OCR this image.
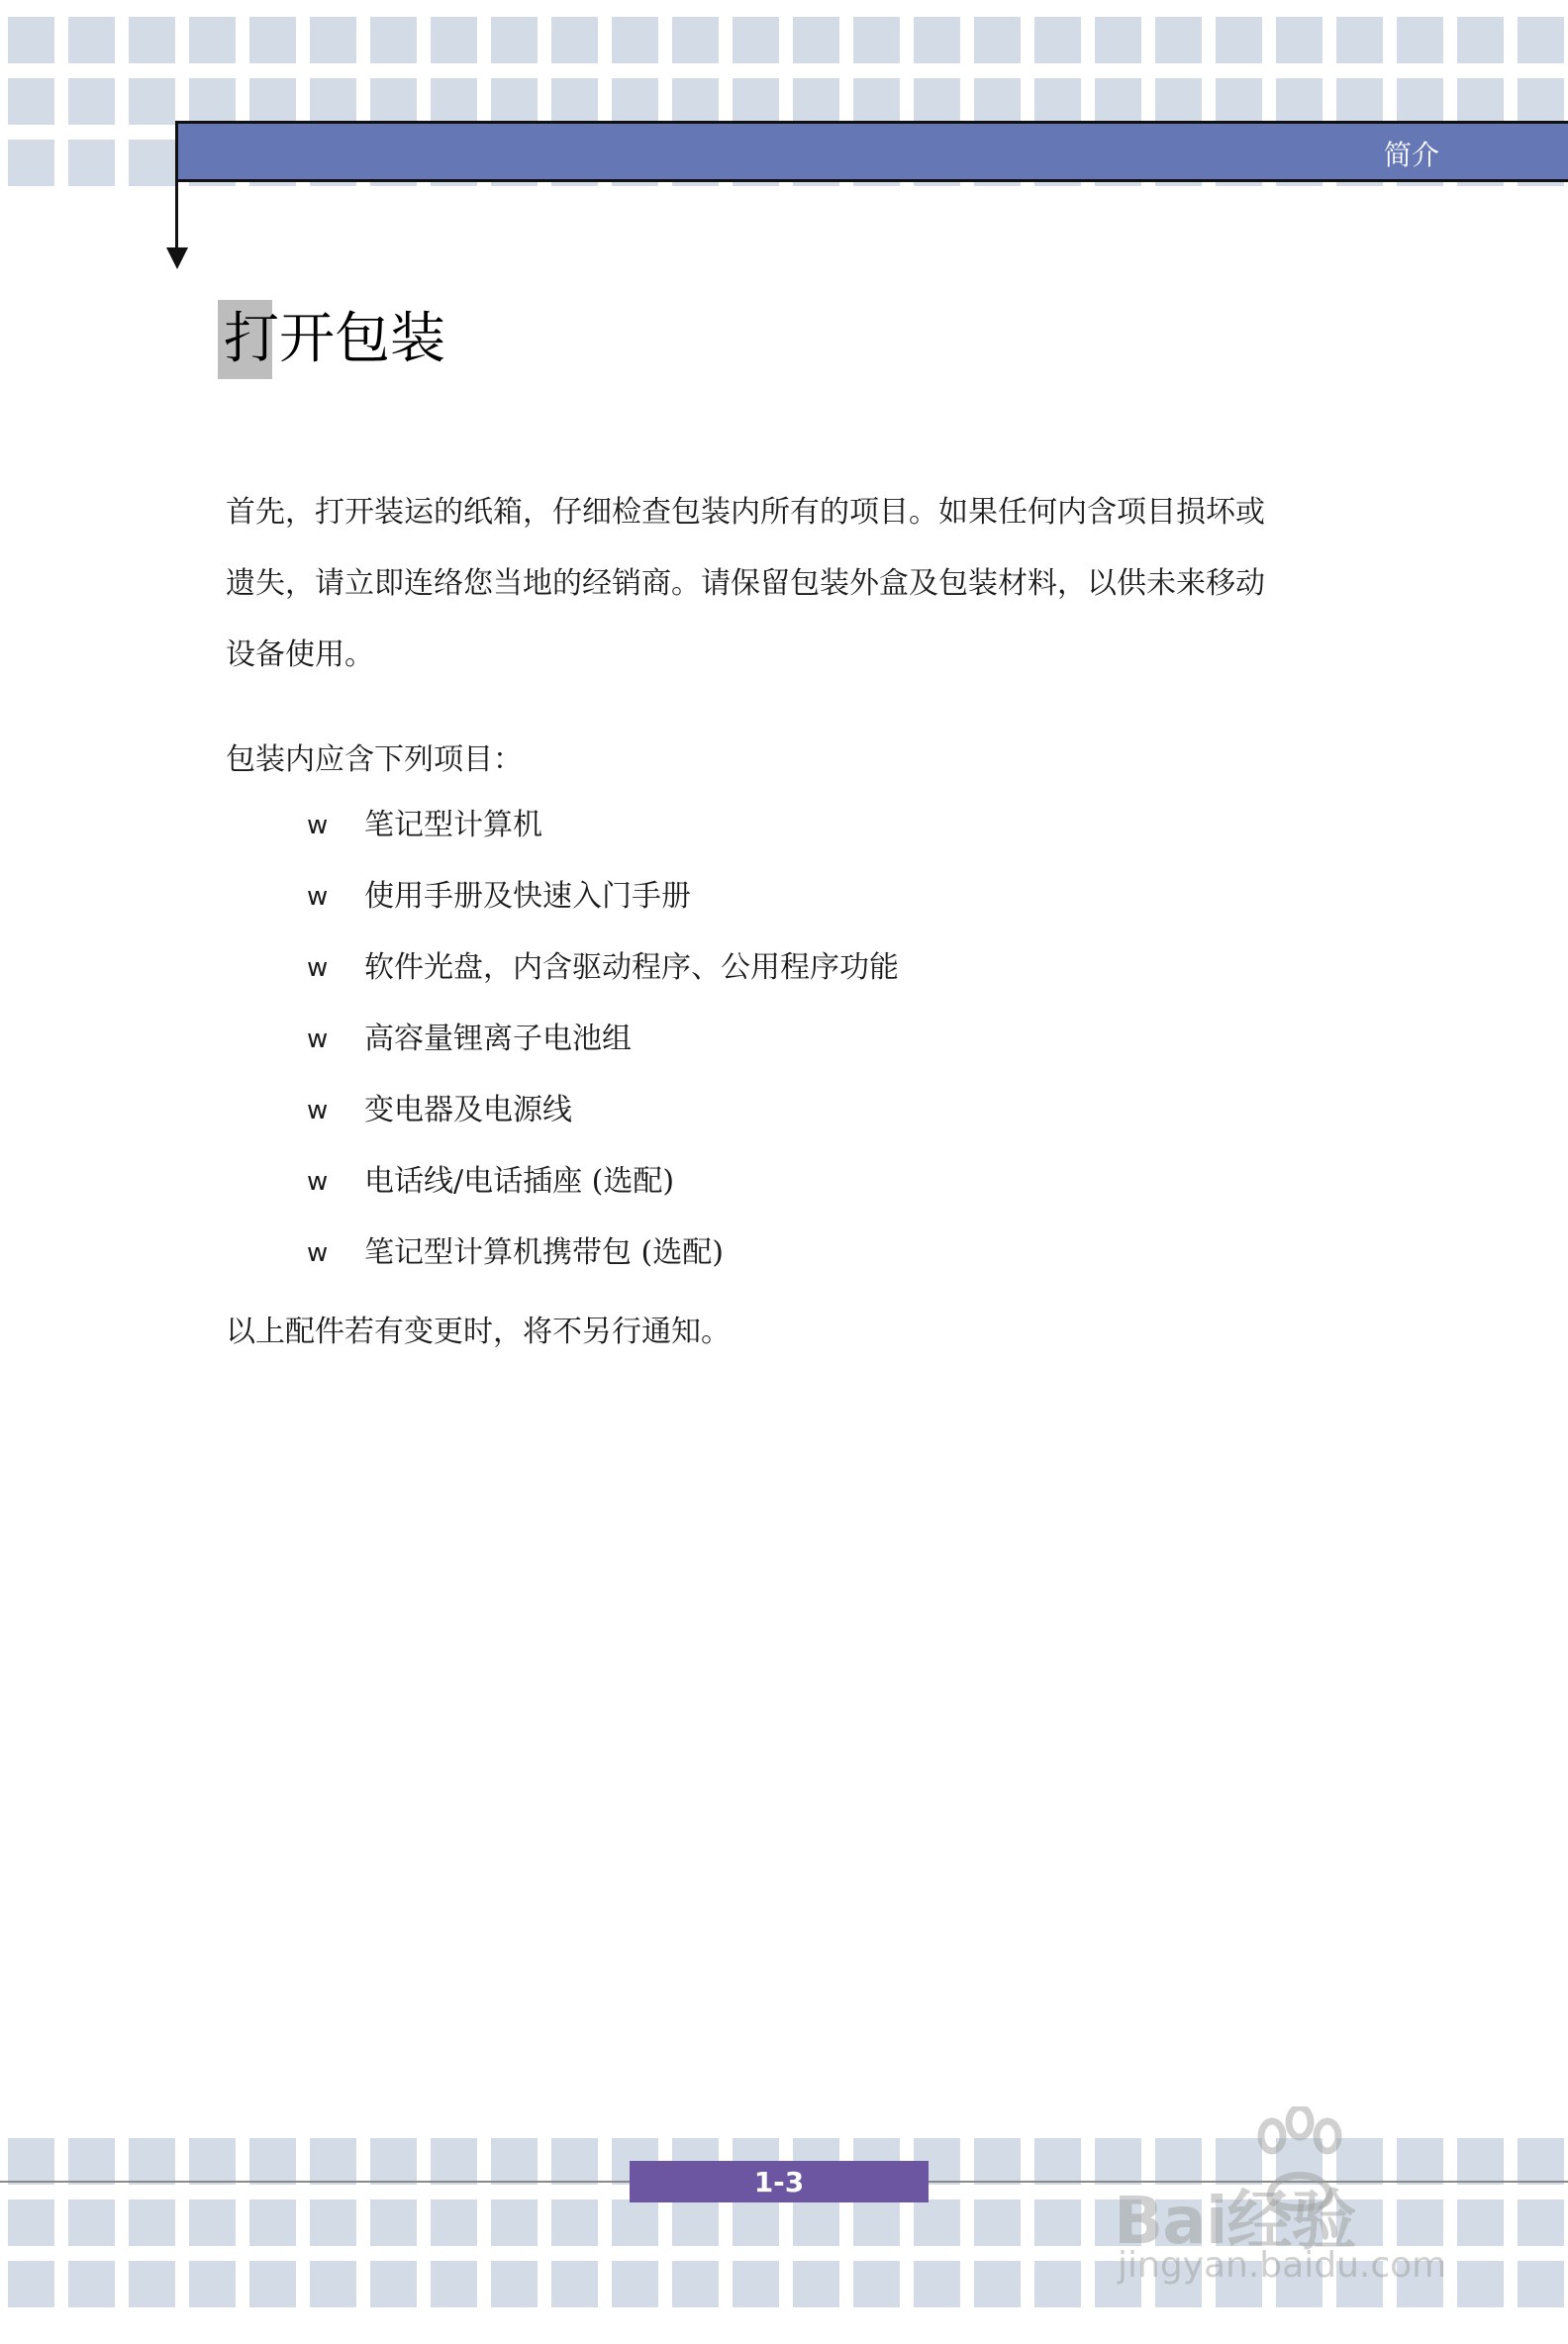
简介
打开包装

首先，打开装运的纸箱，仔细检查包装内所有的项目。如果任何内含项目损坏或
遗失，请立即连络您当地的经销商。请保留包装外盒及包装材料，以供未来移动
设备使用。

包装内应含下列项目：

w	笔记型计算机
w	使用手册及快速入门手册
w	软件光盘，内含驱动程序、公用程序功能
w	高容量锂离子电池组
w	变电器及电源线
w	电话线/电话插座 (选配)
w	笔记型计算机携带包 (选配)

以上配件若有变更时，将不另行通知。

1-3
Bai经验
jingyan.baidu.com
